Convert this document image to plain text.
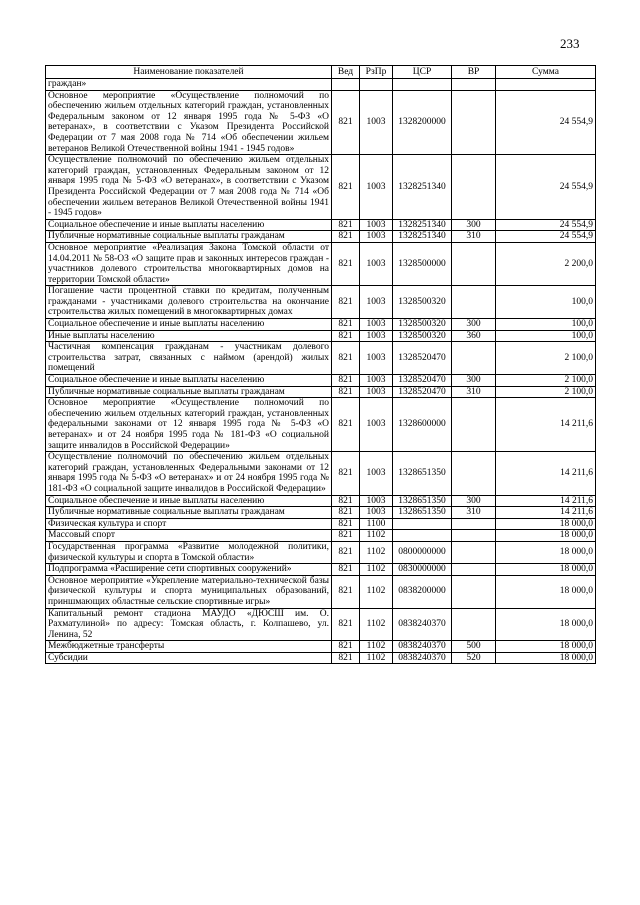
233
Наименование показателей	Вед	РзПр	ЦСР	ВР	Сумма
граждан»					
Основное мероприятие «Осуществление полномочий по обеспечению жильем отдельных категорий граждан, установленных Федеральным законом от 12 января 1995 года № 5-ФЗ «О ветеранах», в соответствии с Указом Президента Российской Федерации от 7 мая 2008 года № 714 «Об обеспечении жильем ветеранов Великой Отечественной войны 1941 - 1945 годов»	821	1003	1328200000		24 554,9
Осуществление полномочий по обеспечению жильем отдельных категорий граждан, установленных Федеральным законом от 12 января 1995 года № 5-ФЗ «О ветеранах», в соответствии с Указом Президента Российской Федерации от 7 мая 2008 года № 714 «Об обеспечении жильем ветеранов Великой Отечественной войны 1941 - 1945 годов»	821	1003	1328251340		24 554,9
Социальное обеспечение и иные выплаты населению	821	1003	1328251340	300	24 554,9
Публичные нормативные социальные выплаты гражданам	821	1003	1328251340	310	24 554,9
Основное мероприятие «Реализация Закона Томской области от 14.04.2011 № 58-ОЗ «О защите прав и законных интересов граждан - участников долевого строительства многоквартирных домов на территории Томской области»	821	1003	1328500000		2 200,0
Погашение части процентной ставки по кредитам, полученным гражданами - участниками долевого строительства на окончание строительства жилых помещений в многоквартирных домах	821	1003	1328500320		100,0
Социальное обеспечение и иные выплаты населению	821	1003	1328500320	300	100,0
Иные выплаты населению	821	1003	1328500320	360	100,0
Частичная компенсация гражданам - участникам долевого строительства затрат, связанных с наймом (арендой) жилых помещений	821	1003	1328520470		2 100,0
Социальное обеспечение и иные выплаты населению	821	1003	1328520470	300	2 100,0
Публичные нормативные социальные выплаты гражданам	821	1003	1328520470	310	2 100,0
Основное мероприятие «Осуществление полномочий по обеспечению жильем отдельных категорий граждан, установленных федеральными законами от 12 января 1995 года № 5-ФЗ «О ветеранах» и от 24 ноября 1995 года № 181-ФЗ «О социальной защите инвалидов в Российской Федерации»	821	1003	1328600000		14 211,6
Осуществление полномочий по обеспечению жильем отдельных категорий граждан, установленных Федеральными законами от 12 января 1995 года № 5-ФЗ «О ветеранах» и от 24 ноября 1995 года № 181-ФЗ «О социальной защите инвалидов в Российской Федерации»	821	1003	1328651350		14 211,6
Социальное обеспечение и иные выплаты населению	821	1003	1328651350	300	14 211,6
Публичные нормативные социальные выплаты гражданам	821	1003	1328651350	310	14 211,6
Физическая культура и спорт	821	1100			18 000,0
Массовый спорт	821	1102			18 000,0
Государственная программа «Развитие молодежной политики, физической культуры и спорта в Томской области»	821	1102	0800000000		18 000,0
Подпрограмма «Расширение сети спортивных сооружений»	821	1102	0830000000		18 000,0
Основное мероприятие «Укрепление материально-технической базы физической культуры и спорта муниципальных образований, приншмающих областные сельские спортивные игры»	821	1102	0838200000		18 000,0
Капитальный ремонт стадиона МАУДО «ДЮСШ им. О. Рахматулиной» по адресу: Томская область, г. Колпашево, ул. Ленина, 52	821	1102	0838240370		18 000,0
Межбюджетные трансферты	821	1102	0838240370	500	18 000,0
Субсидии	821	1102	0838240370	520	18 000,0
